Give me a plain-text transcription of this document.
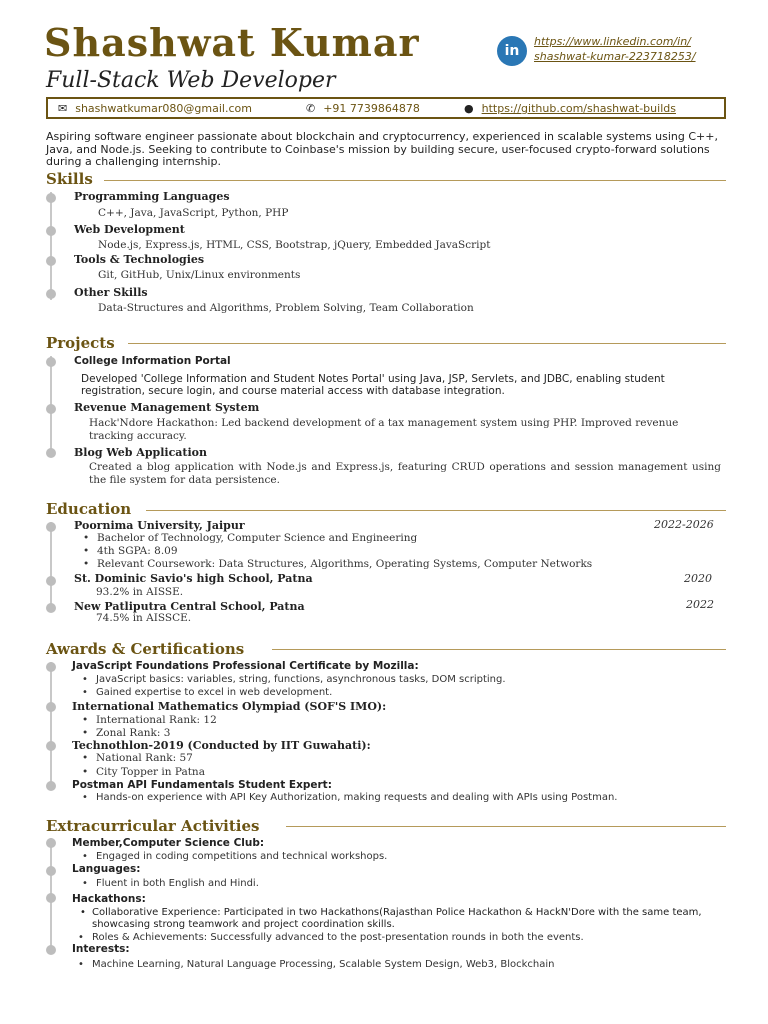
Shashwat Kumar
Full-Stack Web Developer
in
https://www.linkedin.com/in/
shashwat-kumar-223718253/
✉ shashwatkumar080@gmail.com	✆ +91 7739864878	● https://github.com/shashwat-builds
Aspiring software engineer passionate about blockchain and cryptocurrency, experienced in scalable systems using C++, Java, and Node.js. Seeking to contribute to Coinbase's mission by building secure, user-focused crypto-forward solutions during a challenging internship.
Skills
Programming Languages
C++, Java, JavaScript, Python, PHP
Web Development
Node.js, Express.js, HTML, CSS, Bootstrap, jQuery, Embedded JavaScript
Tools & Technologies
Git, GitHub, Unix/Linux environments
Other Skills
Data-Structures and Algorithms, Problem Solving, Team Collaboration
Projects
College Information Portal
Developed 'College Information and Student Notes Portal' using Java, JSP, Servlets, and JDBC, enabling student registration, secure login, and course material access with database integration.
Revenue Management System
Hack'Ndore Hackathon: Led backend development of a tax management system using PHP. Improved revenue tracking accuracy.
Blog Web Application
Created a blog application with Node.js and Express.js, featuring CRUD operations and session management using the file system for data persistence.
Education
Poornima University, Jaipur	2022-2026
• Bachelor of Technology, Computer Science and Engineering
• 4th SGPA: 8.09
• Relevant Coursework: Data Structures, Algorithms, Operating Systems, Computer Networks
St. Dominic Savio's high School, Patna	2020
93.2% in AISSE.
New Patliputra Central School, Patna	2022
74.5% in AISSCE.
Awards & Certifications
JavaScript Foundations Professional Certificate by Mozilla:
• JavaScript basics: variables, string, functions, asynchronous tasks, DOM scripting.
• Gained expertise to excel in web development.
International Mathematics Olympiad (SOF'S IMO):
• International Rank: 12
• Zonal Rank: 3
Technothlon-2019 (Conducted by IIT Guwahati):
• National Rank: 57
• City Topper in Patna
Postman API Fundamentals Student Expert:
• Hands-on experience with API Key Authorization, making requests and dealing with APIs using Postman.
Extracurricular Activities
Member,Computer Science Club:
• Engaged in coding competitions and technical workshops.
Languages:
• Fluent in both English and Hindi.
Hackathons:
• Collaborative Experience: Participated in two Hackathons(Rajasthan Police Hackathon & HackN'Dore with the same team, showcasing strong teamwork and project coordination skills.
• Roles & Achievements: Successfully advanced to the post-presentation rounds in both the events.
Interests:
• Machine Learning, Natural Language Processing, Scalable System Design, Web3, Blockchain
